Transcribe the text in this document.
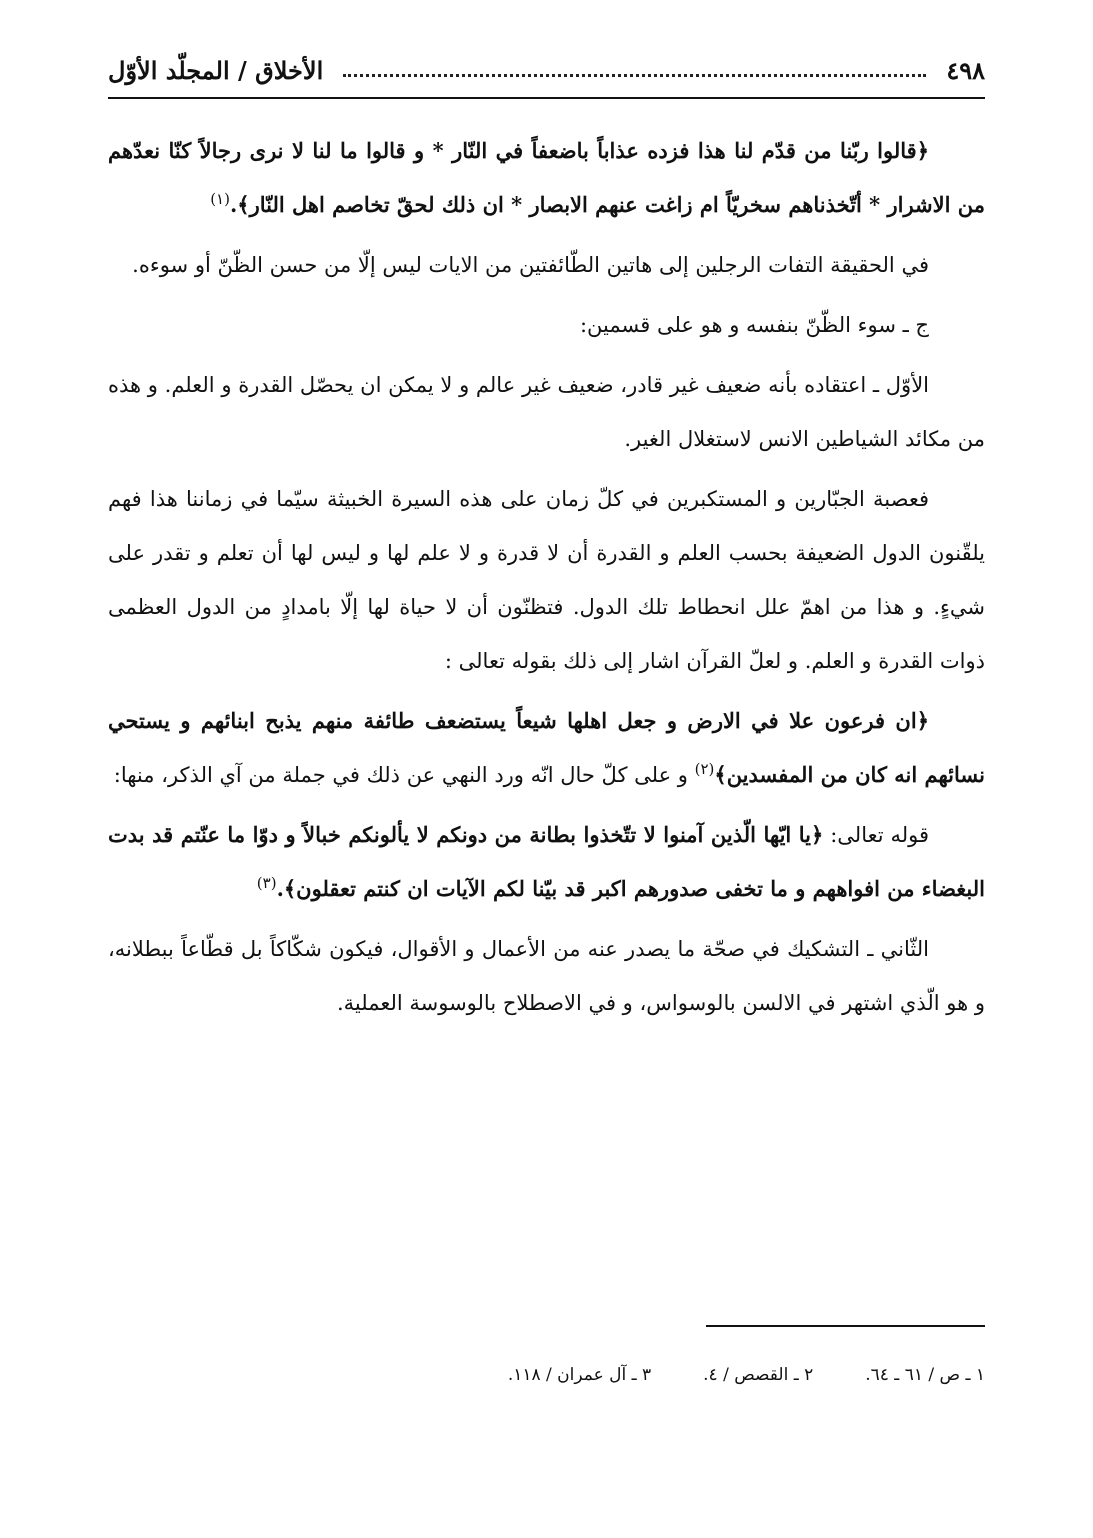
٤٩٨
الأخلاق / المجلّد الأوّل

﴿قالوا ربّنا من قدّم لنا هذا فزده عذاباً باضعفاً في النّار * و قالوا ما لنا لا نرى رجالاً كنّا نعدّهم من الاشرار * أتّخذناهم سخريّاً ام زاغت عنهم الابصار * ان ذلك لحقّ تخاصم اهل النّار﴾.$^{(١)}$

في الحقيقة التفات الرجلين إلى هاتين الطّائفتين من الايات ليس إلّا من حسن الظّنّ أو سوءه.

ج ـ سوء الظّنّ بنفسه و هو على قسمين:

الأوّل ـ اعتقاده بأنه ضعيف غير قادر، ضعيف غير عالم و لا يمكن ان يحصّل القدرة و العلم. و هذه من مكائد الشياطين الانس لاستغلال الغير.

فعصبة الجبّارين و المستكبرين في كلّ زمان على هذه السيرة الخبيثة سيّما في زماننا هذا فهم يلقّنون الدول الضعيفة بحسب العلم و القدرة أن لا قدرة و لا علم لها و ليس لها أن تعلم و تقدر على شيءٍ. و هذا من اهمّ علل انحطاط تلك الدول. فتظنّون أن لا حياة لها إلّا بامدادٍ من الدول العظمى ذوات القدرة و العلم. و لعلّ القرآن اشار إلى ذلك بقوله تعالى :

﴿ان فرعون علا في الارض و جعل اهلها شيعاً يستضعف طائفة منهم يذبح ابنائهم و يستحي نسائهم انه كان من المفسدين﴾$^{(٢)}$ و على كلّ حال انّه ورد النهي عن ذلك في جملة من آي الذكر، منها:

قوله تعالى: ﴿يا ايّها الّذين آمنوا لا تتّخذوا بطانة من دونكم لا يألونكم خبالاً و دوّا ما عنّتم قد بدت البغضاء من افواههم و ما تخفى صدورهم اكبر قد بيّنا لكم الآيات ان كنتم تعقلون﴾.$^{(٣)}$

الثّاني ـ التشكيك في صحّة ما يصدر عنه من الأعمال و الأقوال، فيكون شكّاكاً بل قطّاعاً ببطلانه، و هو الّذي اشتهر في الالسن بالوسواس، و في الاصطلاح بالوسوسة العملية.

١ ـ ص / ٦١ ـ ٦٤.
٢ ـ القصص / ٤.
٣ ـ آل عمران / ١١٨.
